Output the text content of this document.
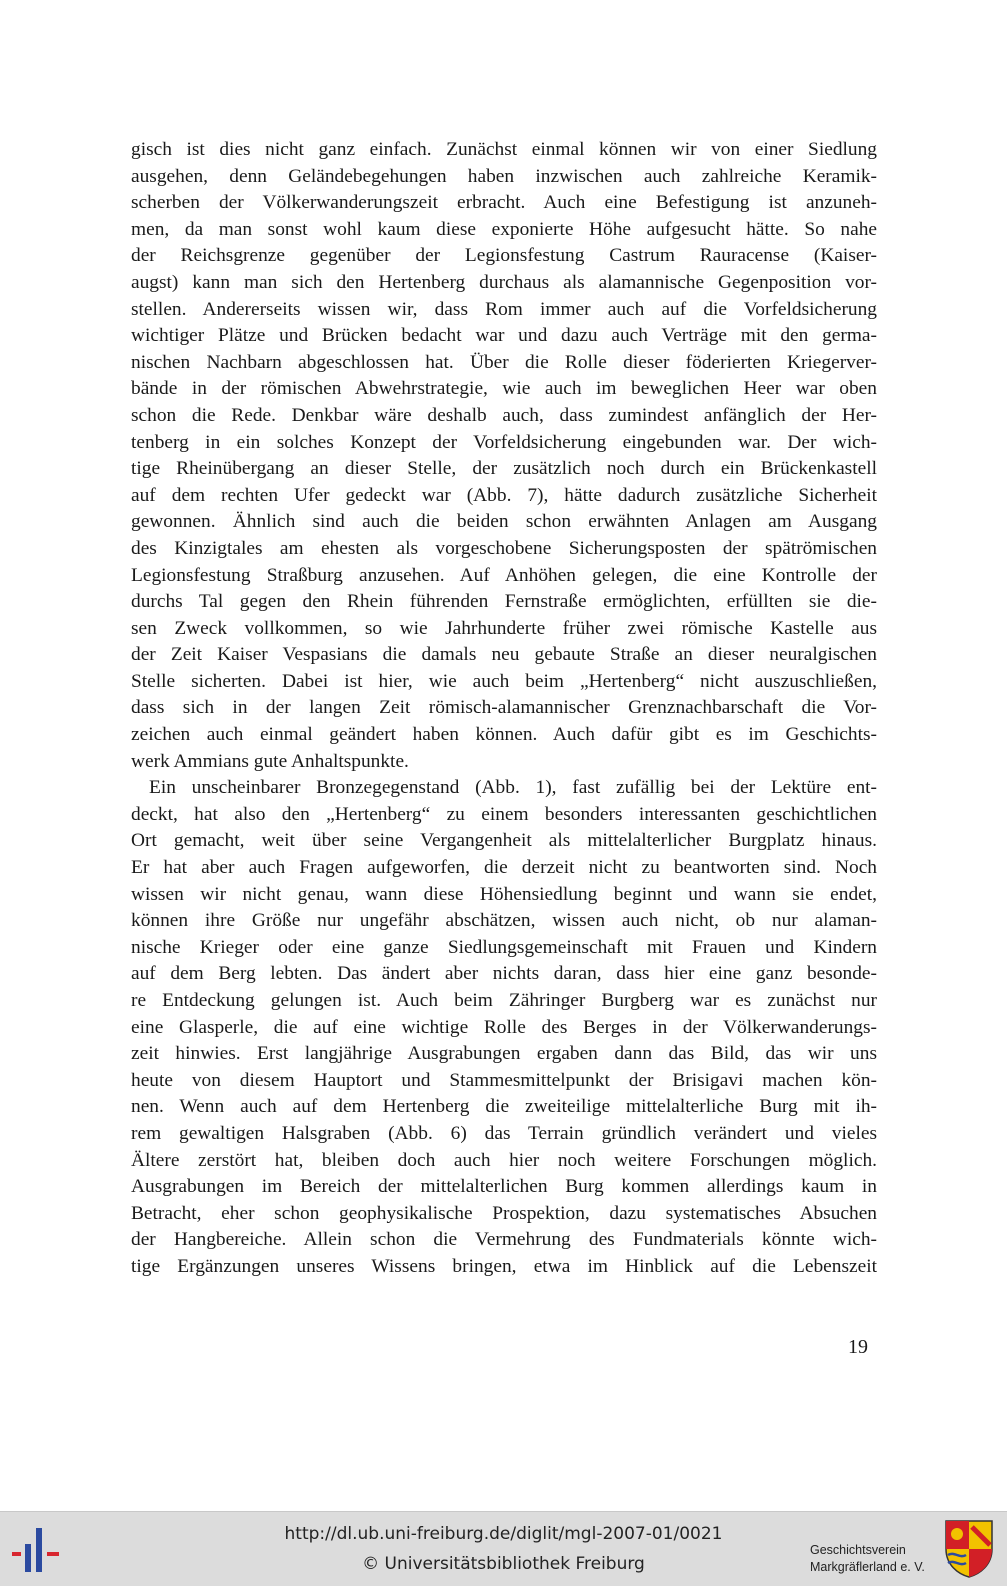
gisch ist dies nicht ganz einfach. Zunächst einmal können wir von einer Siedlung
ausgehen, denn Geländebegehungen haben inzwischen auch zahlreiche Keramik-
scherben der Völkerwanderungszeit erbracht. Auch eine Befestigung ist anzuneh-
men, da man sonst wohl kaum diese exponierte Höhe aufgesucht hätte. So nahe
der Reichsgrenze gegenüber der Legionsfestung Castrum Rauracense (Kaiser-
augst) kann man sich den Hertenberg durchaus als alamannische Gegenposition vor-
stellen. Andererseits wissen wir, dass Rom immer auch auf die Vorfeldsicherung
wichtiger Plätze und Brücken bedacht war und dazu auch Verträge mit den germa-
nischen Nachbarn abgeschlossen hat. Über die Rolle dieser föderierten Kriegerver-
bände in der römischen Abwehrstrategie, wie auch im beweglichen Heer war oben
schon die Rede. Denkbar wäre deshalb auch, dass zumindest anfänglich der Her-
tenberg in ein solches Konzept der Vorfeldsicherung eingebunden war. Der wich-
tige Rheinübergang an dieser Stelle, der zusätzlich noch durch ein Brückenkastell
auf dem rechten Ufer gedeckt war (Abb. 7), hätte dadurch zusätzliche Sicherheit
gewonnen. Ähnlich sind auch die beiden schon erwähnten Anlagen am Ausgang
des Kinzigtales am ehesten als vorgeschobene Sicherungsposten der spätrömischen
Legionsfestung Straßburg anzusehen. Auf Anhöhen gelegen, die eine Kontrolle der
durchs Tal gegen den Rhein führenden Fernstraße ermöglichten, erfüllten sie die-
sen Zweck vollkommen, so wie Jahrhunderte früher zwei römische Kastelle aus
der Zeit Kaiser Vespasians die damals neu gebaute Straße an dieser neuralgischen
Stelle sicherten. Dabei ist hier, wie auch beim „Hertenberg“ nicht auszuschließen,
dass sich in der langen Zeit römisch-alamannischer Grenznachbarschaft die Vor-
zeichen auch einmal geändert haben können. Auch dafür gibt es im Geschichts-
werk Ammians gute Anhaltspunkte.
Ein unscheinbarer Bronzegegenstand (Abb. 1), fast zufällig bei der Lektüre ent-
deckt, hat also den „Hertenberg“ zu einem besonders interessanten geschichtlichen
Ort gemacht, weit über seine Vergangenheit als mittelalterlicher Burgplatz hinaus.
Er hat aber auch Fragen aufgeworfen, die derzeit nicht zu beantworten sind. Noch
wissen wir nicht genau, wann diese Höhensiedlung beginnt und wann sie endet,
können ihre Größe nur ungefähr abschätzen, wissen auch nicht, ob nur alaman-
nische Krieger oder eine ganze Siedlungsgemeinschaft mit Frauen und Kindern
auf dem Berg lebten. Das ändert aber nichts daran, dass hier eine ganz besonde-
re Entdeckung gelungen ist. Auch beim Zähringer Burgberg war es zunächst nur
eine Glasperle, die auf eine wichtige Rolle des Berges in der Völkerwanderungs-
zeit hinwies. Erst langjährige Ausgrabungen ergaben dann das Bild, das wir uns
heute von diesem Hauptort und Stammesmittelpunkt der Brisigavi machen kön-
nen. Wenn auch auf dem Hertenberg die zweiteilige mittelalterliche Burg mit ih-
rem gewaltigen Halsgraben (Abb. 6) das Terrain gründlich verändert und vieles
Ältere zerstört hat, bleiben doch auch hier noch weitere Forschungen möglich.
Ausgrabungen im Bereich der mittelalterlichen Burg kommen allerdings kaum in
Betracht, eher schon geophysikalische Prospektion, dazu systematisches Absuchen
der Hangbereiche. Allein schon die Vermehrung des Fundmaterials könnte wich-
tige Ergänzungen unseres Wissens bringen, etwa im Hinblick auf die Lebenszeit
19
http://dl.ub.uni-freiburg.de/diglit/mgl-2007-01/0021
© Universitätsbibliothek Freiburg
Geschichtsverein
Markgräflerland e. V.
